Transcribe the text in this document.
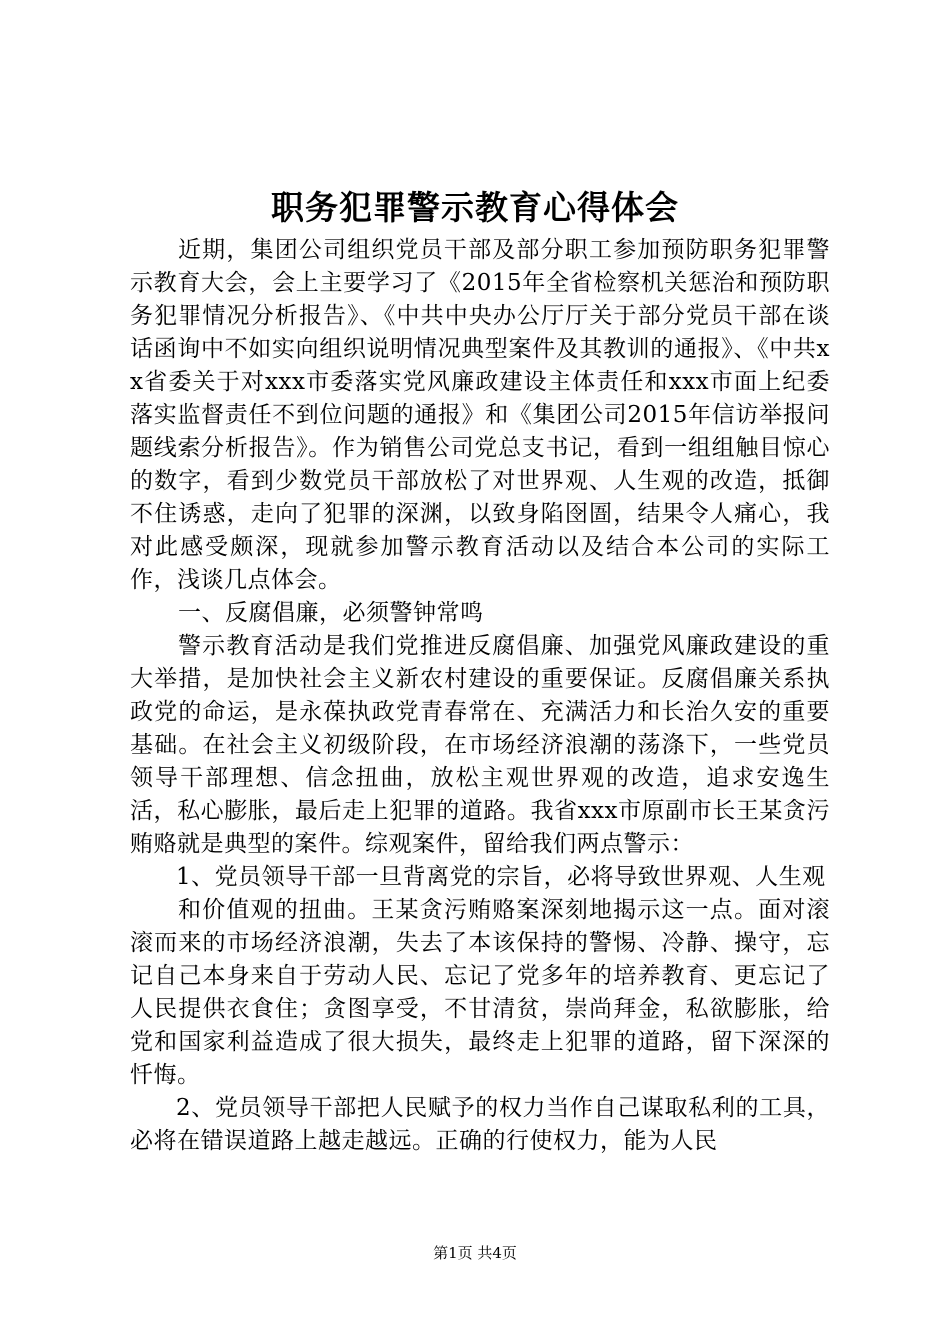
职务犯罪警示教育心得体会

近期，集团公司组织党员干部及部分职工参加预防职务犯罪警示教育大会，会上主要学习了《2015年全省检察机关惩治和预防职务犯罪情况分析报告》、《中共中央办公厅厅关于部分党员干部在谈话函询中不如实向组织说明情况典型案件及其教训的通报》、《中共xx省委关于对xxx市委落实党风廉政建设主体责任和xxx市面上纪委落实监督责任不到位问题的通报》和《集团公司2015年信访举报问题线索分析报告》。作为销售公司党总支书记，看到一组组触目惊心的数字，看到少数党员干部放松了对世界观、人生观的改造，抵御不住诱惑，走向了犯罪的深渊，以致身陷囹圄，结果令人痛心，我对此感受颇深，现就参加警示教育活动以及结合本公司的实际工作，浅谈几点体会。

一、反腐倡廉，必须警钟常鸣

警示教育活动是我们党推进反腐倡廉、加强党风廉政建设的重大举措，是加快社会主义新农村建设的重要保证。反腐倡廉关系执政党的命运，是永葆执政党青春常在、充满活力和长治久安的重要基础。在社会主义初级阶段，在市场经济浪潮的荡涤下，一些党员领导干部理想、信念扭曲，放松主观世界观的改造，追求安逸生活，私心膨胀，最后走上犯罪的道路。我省xxx市原副市长王某贪污贿赂就是典型的案件。综观案件，留给我们两点警示：

1、党员领导干部一旦背离党的宗旨，必将导致世界观、人生观

和价值观的扭曲。王某贪污贿赂案深刻地揭示这一点。面对滚滚而来的市场经济浪潮，失去了本该保持的警惕、冷静、操守，忘记自己本身来自于劳动人民、忘记了党多年的培养教育、更忘记了人民提供衣食住；贪图享受，不甘清贫，崇尚拜金，私欲膨胀，给党和国家利益造成了很大损失，最终走上犯罪的道路，留下深深的忏悔。

2、党员领导干部把人民赋予的权力当作自己谋取私利的工具，必将在错误道路上越走越远。正确的行使权力，能为人民

第1页 共4页
